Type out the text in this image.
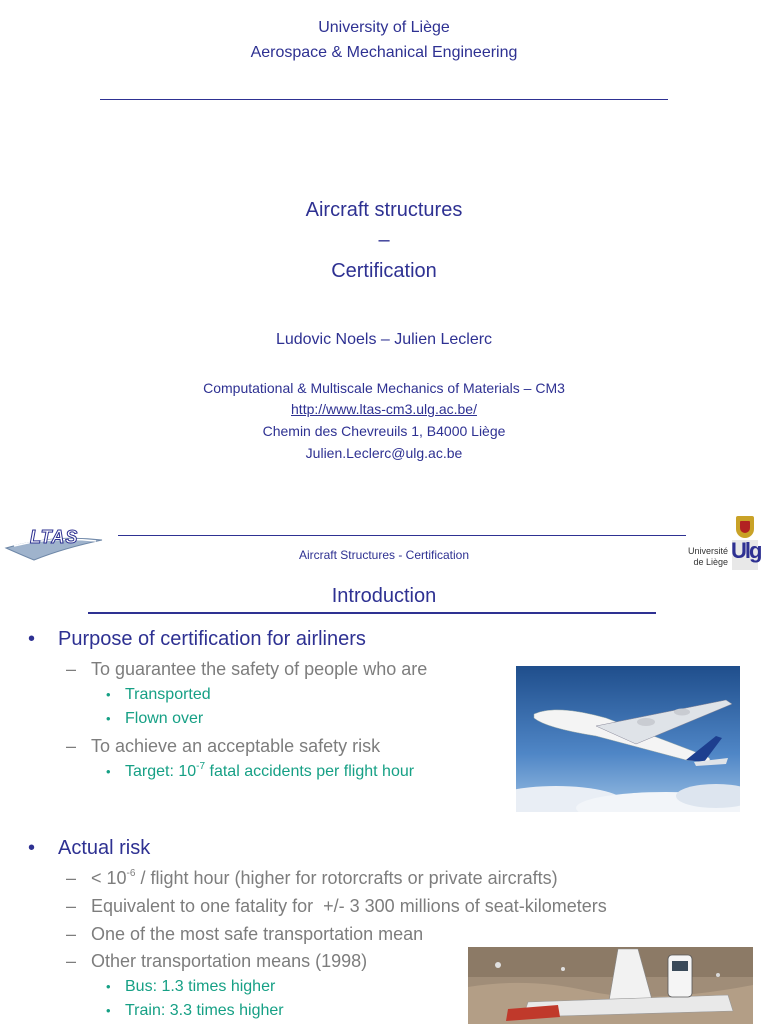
University of Liège
Aerospace & Mechanical Engineering
Aircraft structures
–
Certification
Ludovic Noels – Julien Leclerc
Computational & Multiscale Mechanics of Materials – CM3
http://www.ltas-cm3.ulg.ac.be/
Chemin des Chevreuils 1, B4000 Liège
Julien.Leclerc@ulg.ac.be
LTAS
Aircraft Structures - Certification	Université
de Liège Ulg
Introduction
• Purpose of certification for airliners
– To guarantee the safety of people who are
• Transported
• Flown over
– To achieve an acceptable safety risk
• Target: $10^{-7}$ fatal accidents per flight hour
• Actual risk
– < $10^{-6}$ / flight hour (higher for rotorcrafts or private aircrafts)
– Equivalent to one fatality for  +/- 3 300 millions of seat-kilometers
– One of the most safe transportation mean
– Other transportation means (1998)
• Bus: 1.3 times higher
• Train: 3.3 times higher
